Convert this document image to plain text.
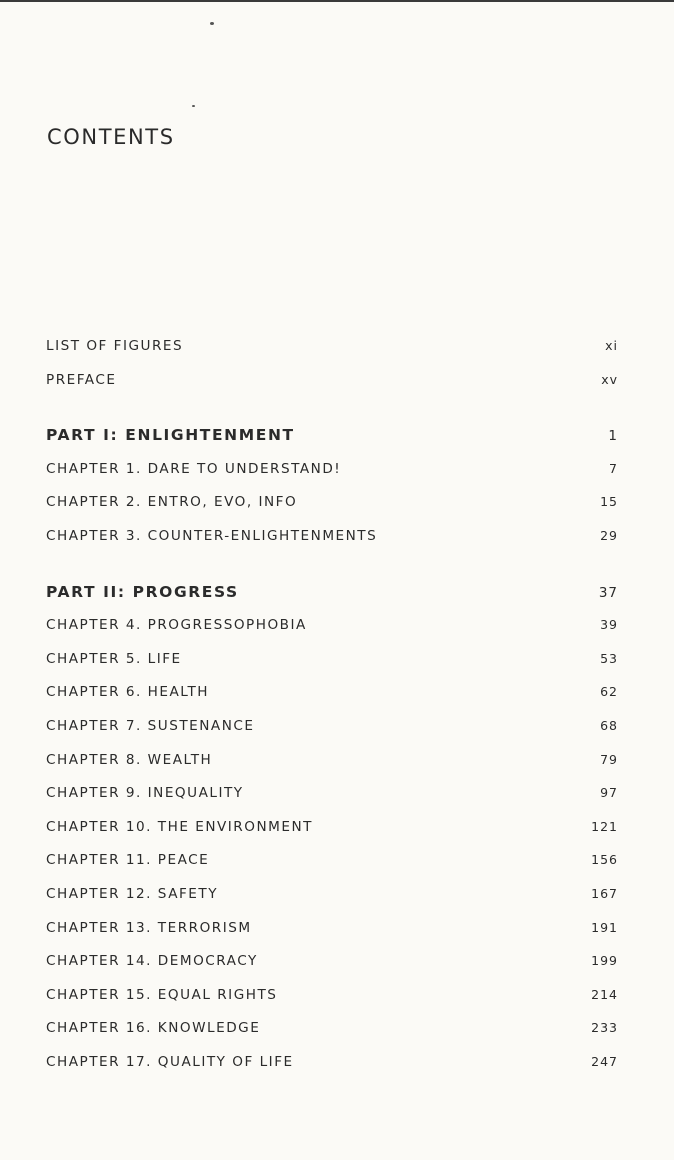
CONTENTS
LIST OF FIGURES	xi
PREFACE	xv
PART I: ENLIGHTENMENT	1
CHAPTER 1. DARE TO UNDERSTAND!	7
CHAPTER 2. ENTRO, EVO, INFO	15
CHAPTER 3. COUNTER-ENLIGHTENMENTS	29
PART II: PROGRESS	37
CHAPTER 4. PROGRESSOPHOBIA	39
CHAPTER 5. LIFE	53
CHAPTER 6. HEALTH	62
CHAPTER 7. SUSTENANCE	68
CHAPTER 8. WEALTH	79
CHAPTER 9. INEQUALITY	97
CHAPTER 10. THE ENVIRONMENT	121
CHAPTER 11. PEACE	156
CHAPTER 12. SAFETY	167
CHAPTER 13. TERRORISM	191
CHAPTER 14. DEMOCRACY	199
CHAPTER 15. EQUAL RIGHTS	214
CHAPTER 16. KNOWLEDGE	233
CHAPTER 17. QUALITY OF LIFE	247
